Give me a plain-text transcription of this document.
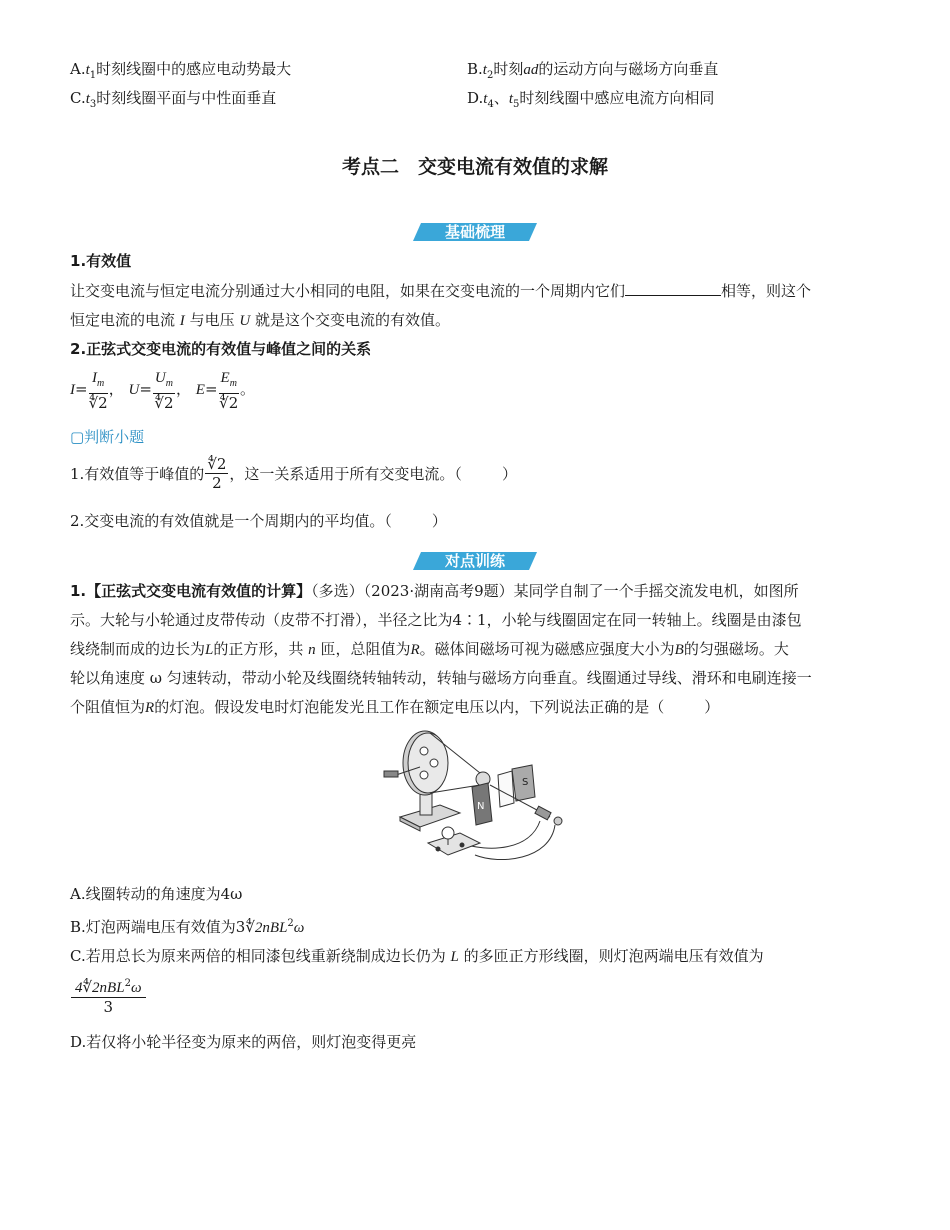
$A.t_1$时刻线圈中的感应电动势最大	$B.t_2$时刻ad的运动方向与磁场方向垂直
$C.t_3$时刻线圈平面与中性面垂直	$D.t_4$、$t_5$时刻线圈中感应电流方向相同
考点二　交变电流有效值的求解
基础梳理
1.有效值
让交变电流与恒定电流分别通过大小相同的电阻，如果在交变电流的一个周期内它们	相等，则这个
恒定电流的电流 I 与电压 U 就是这个交变电流的有效值。
2.正弦式交变电流的有效值与峰值之间的关系
$I= \frac{I_m}{∜2}$ ， $U= \frac{U_m}{∜2}$ ， $E= \frac{E_m}{∜2}$ 。
▢判断小题
1.有效值等于峰值的 $\frac{∜2}{2}$ ，这一关系适用于所有交变电流。（	）
2.交变电流的有效值就是一个周期内的平均值。（	）
对点训练
1.【正弦式交变电流有效值的计算】（多选）（2023·湖南高考9题）某同学自制了一个手摇交流发电机，如图所
示。大轮与小轮通过皮带传动（皮带不打滑），半径之比为4∶1，小轮与线圈固定在同一转轴上。线圈是由漆包
线绕制而成的边长为L的正方形，共 n 匝，总阻值为R。磁体间磁场可视为磁感应强度大小为B的匀强磁场。大
轮以角速度 ω 匀速转动，带动小轮及线圈绕转轴转动，转轴与磁场方向垂直。线圈通过导线、滑环和电刷连接一
个阻值恒为R的灯泡。假设发电时灯泡能发光且工作在额定电压以内，下列说法正确的是（	）
N
S
A.线圈转动的角速度为4ω
B.灯泡两端电压有效值为3∜2nBL$^2$ω
C.若用总长为原来两倍的相同漆包线重新绕制成边长仍为 L 的多匝正方形线圈，则灯泡两端电压有效值为
$\frac{4∜2nBL^2\omega}{3}$
D.若仅将小轮半径变为原来的两倍，则灯泡变得更亮
